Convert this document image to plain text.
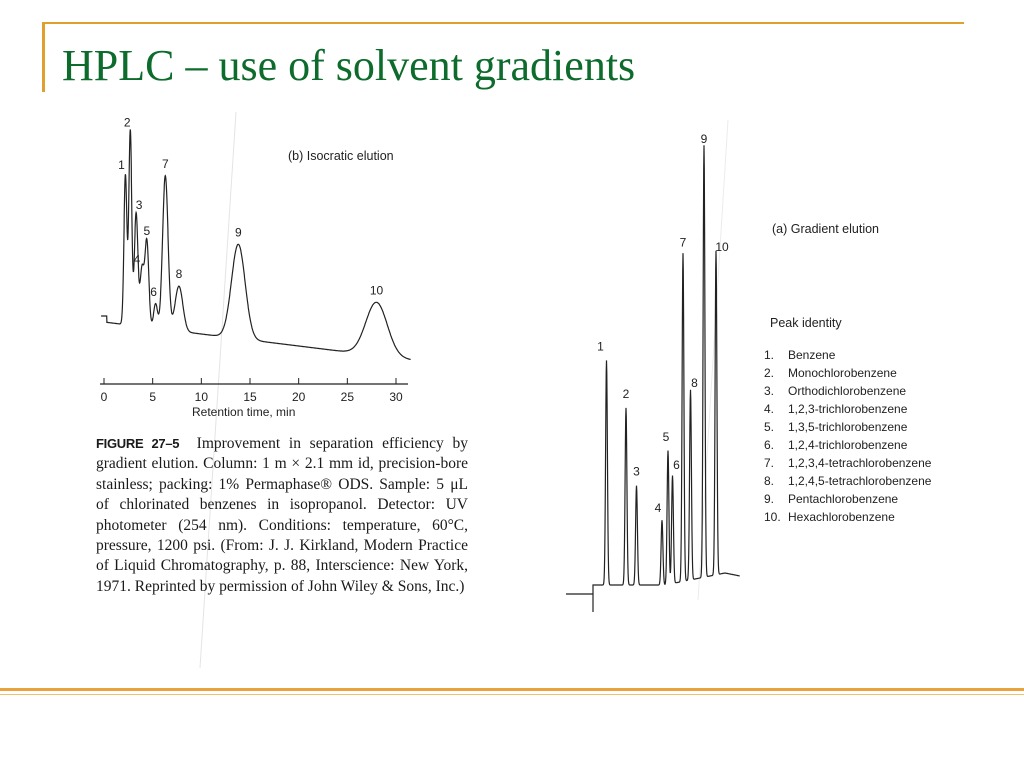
HPLC – use of solvent gradients
(b) Isocratic elution
0	5	10	15	20	25	30
1
2
3
4
5
6
7
8
9
10
Retention time, min
1
2
3
4
5
6
7
8
9
10
(a) Gradient elution

FIGURE 27–5 Improvement in separation efficiency by gradient elution. Column: 1 m × 2.1 mm id, precision-bore stainless; packing: 1% Permaphase® ODS. Sample: 5 μL of chlorinated benzenes in isopropanol. Detector: UV photometer (254 nm). Conditions: temperature, 60°C, pressure, 1200 psi. (From: J. J. Kirkland, Modern Practice of Liquid Chromatography, p. 88, Interscience: New York, 1971. Reprinted by permission of John Wiley & Sons, Inc.)

Peak identity
1. Benzene
2. Monochlorobenzene
3. Orthodichlorobenzene
4. 1,2,3-trichlorobenzene
5. 1,3,5-trichlorobenzene
6. 1,2,4-trichlorobenzene
7. 1,2,3,4-tetrachlorobenzene
8. 1,2,4,5-tetrachlorobenzene
9. Pentachlorobenzene
10. Hexachlorobenzene
